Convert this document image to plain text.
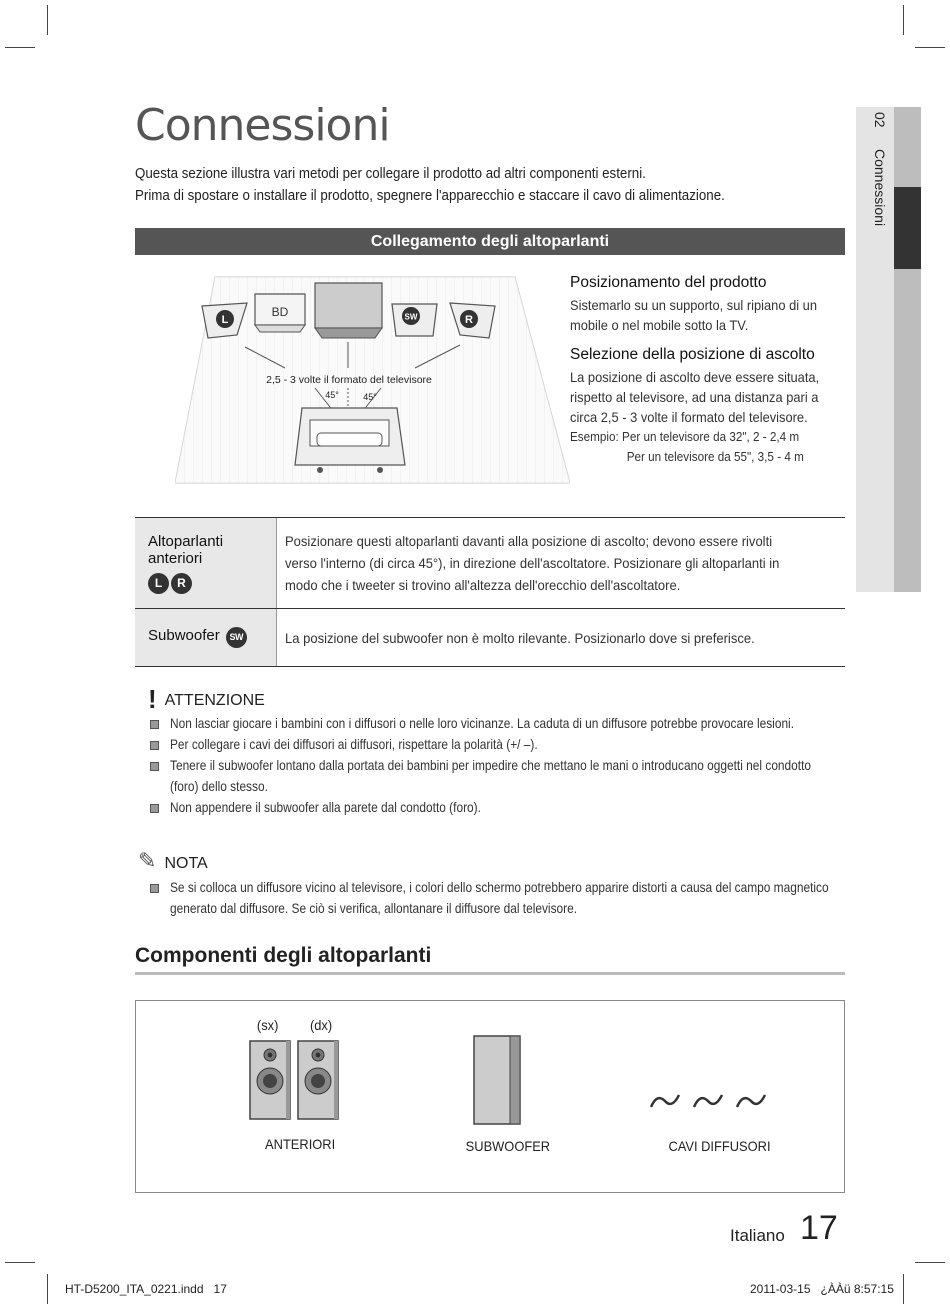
Connessioni
Questa sezione illustra vari metodi per collegare il prodotto ad altri componenti esterni.
Prima di spostare o installare il prodotto, spegnere l'apparecchio e staccare il cavo di alimentazione.
02 Connessioni
Collegamento degli altoparlanti
L
BD	SW	R
2,5 - 3 volte il formato del televisore
45°	45°
Posizionamento del prodotto

Sistemarlo su un supporto, sul ripiano di un mobile o nel mobile sotto la TV.

Selezione della posizione di ascolto

La posizione di ascolto deve essere situata, rispetto al televisore, ad una distanza pari a circa 2,5 - 3 volte il formato del televisore.

Esempio: Per un televisore da 32", 2 - 2,4 m
Per un televisore da 55", 3,5 - 4 m
Altoparlanti anteriori
L R	Posizionare questi altoparlanti davanti alla posizione di ascolto; devono essere rivolti verso l'interno (di circa 45°), in direzione dell'ascoltatore. Posizionare gli altoparlanti in modo che i tweeter si trovino all'altezza dell'orecchio dell'ascoltatore.

Subwoofer SW	La posizione del subwoofer non è molto rilevante. Posizionarlo dove si preferisce.
! ATTENZIONE
Non lasciar giocare i bambini con i diffusori o nelle loro vicinanze. La caduta di un diffusore potrebbe provocare lesioni.
Per collegare i cavi dei diffusori ai diffusori, rispettare la polarità (+/ –).
Tenere il subwoofer lontano dalla portata dei bambini per impedire che mettano le mani o introducano oggetti nel condotto (foro) dello stesso.
Non appendere il subwoofer alla parete dal condotto (foro).
✎ NOTA
Se si colloca un diffusore vicino al televisore, i colori dello schermo potrebbero apparire distorti a causa del campo magnetico generato dal diffusore. Se ciò si verifica, allontanare il diffusore dal televisore.
Componenti degli altoparlanti
(sx) (dx)
ANTERIORI	SUBWOOFER	CAVI DIFFUSORI
Italiano 17
HT-D5200_ITA_0221.indd   17	2011-03-15   ¿ÀÀü 8:57:15
